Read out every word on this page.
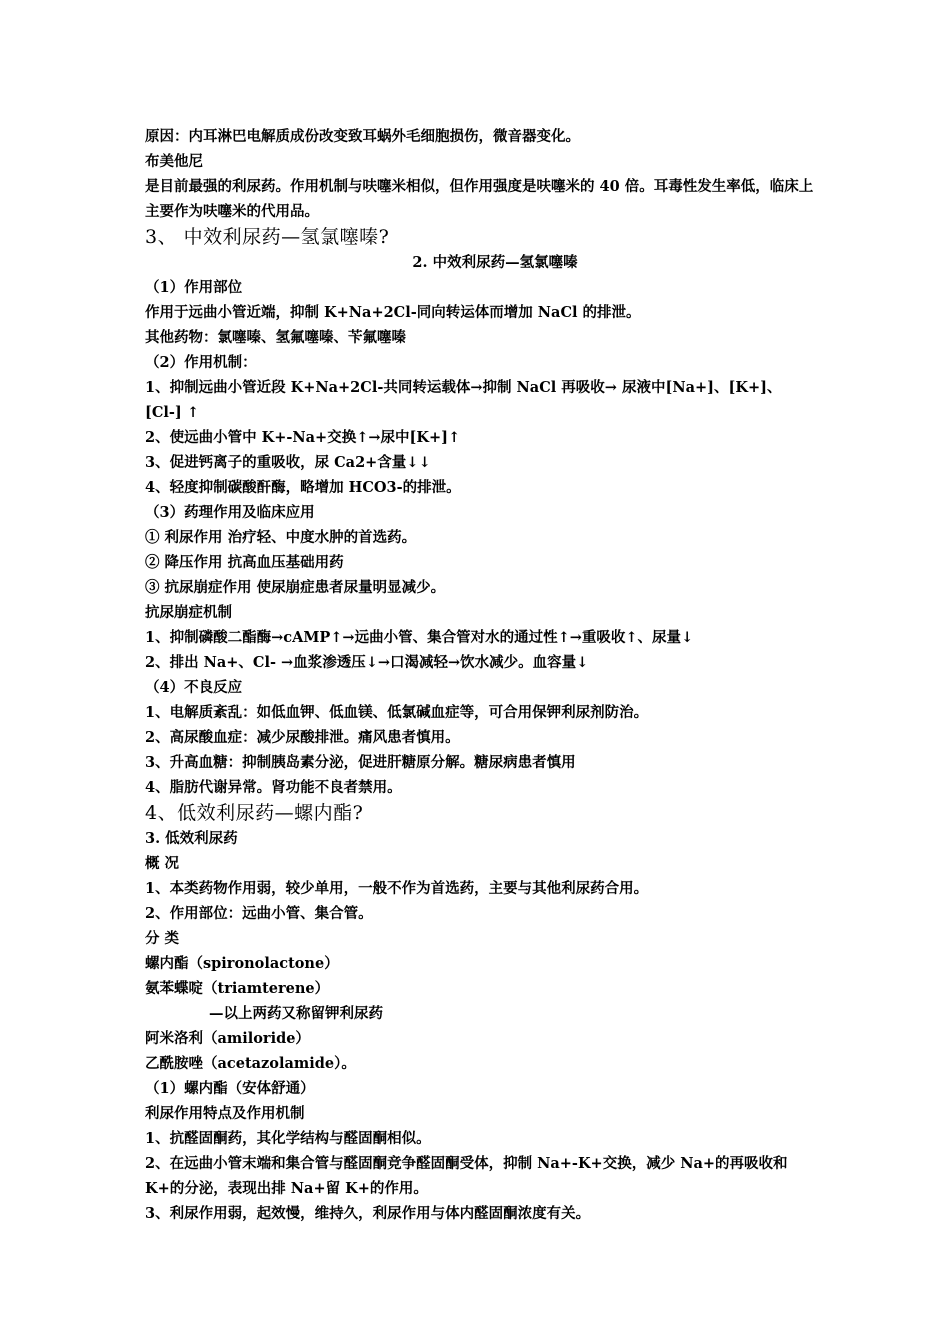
原因：内耳淋巴电解质成份改变致耳蜗外毛细胞损伤，微音器变化。
布美他尼
是目前最强的利尿药。作用机制与呋噻米相似，但作用强度是呋噻米的 40 倍。耳毒性发生率低，临床上主要作为呋噻米的代用品。
3、 中效利尿药—氢氯噻嗪?
2. 中效利尿药—氢氯噻嗪
（1）作用部位
作用于远曲小管近端，抑制 K+Na+2Cl-同向转运体而增加 NaCl 的排泄。
其他药物：氯噻嗪、氢氟噻嗪、苄氟噻嗪
（2）作用机制：
1、抑制远曲小管近段 K+Na+2Cl-共同转运载体→抑制 NaCl 再吸收→ 尿液中[Na+]、[K+]、[Cl-] ↑
2、使远曲小管中 K+-Na+交换↑→尿中[K+]↑
3、促进钙离子的重吸收，尿 Ca2+含量↓↓
4、轻度抑制碳酸酐酶，略增加 HCO3-的排泄。
（3）药理作用及临床应用
① 利尿作用 治疗轻、中度水肿的首选药。
② 降压作用 抗高血压基础用药
③ 抗尿崩症作用 使尿崩症患者尿量明显减少。
抗尿崩症机制
1、抑制磷酸二酯酶→cAMP↑→远曲小管、集合管对水的通过性↑→重吸收↑、尿量↓
2、排出 Na+、Cl- →血浆渗透压↓→口渴减轻→饮水减少。血容量↓
（4）不良反应
1、电解质紊乱：如低血钾、低血镁、低氯碱血症等，可合用保钾利尿剂防治。
2、高尿酸血症：减少尿酸排泄。痛风患者慎用。
3、升高血糖：抑制胰岛素分泌，促进肝糖原分解。糖尿病患者慎用
4、脂肪代谢异常。肾功能不良者禁用。
4、低效利尿药—螺内酯?
3. 低效利尿药
概 况
1、本类药物作用弱，较少单用，一般不作为首选药，主要与其他利尿药合用。
2、作用部位：远曲小管、集合管。
分 类
螺内酯（spironolactone）
氨苯蝶啶（triamterene）
—以上两药又称留钾利尿药
阿米洛利（amiloride）
乙酰胺唑（acetazolamide）。
（1）螺内酯（安体舒通）
利尿作用特点及作用机制
1、抗醛固酮药，其化学结构与醛固酮相似。
2、在远曲小管末端和集合管与醛固酮竞争醛固酮受体，抑制 Na+-K+交换，减少 Na+的再吸收和 K+的分泌，表现出排 Na+留 K+的作用。
3、利尿作用弱，起效慢，维持久，利尿作用与体内醛固酮浓度有关。
